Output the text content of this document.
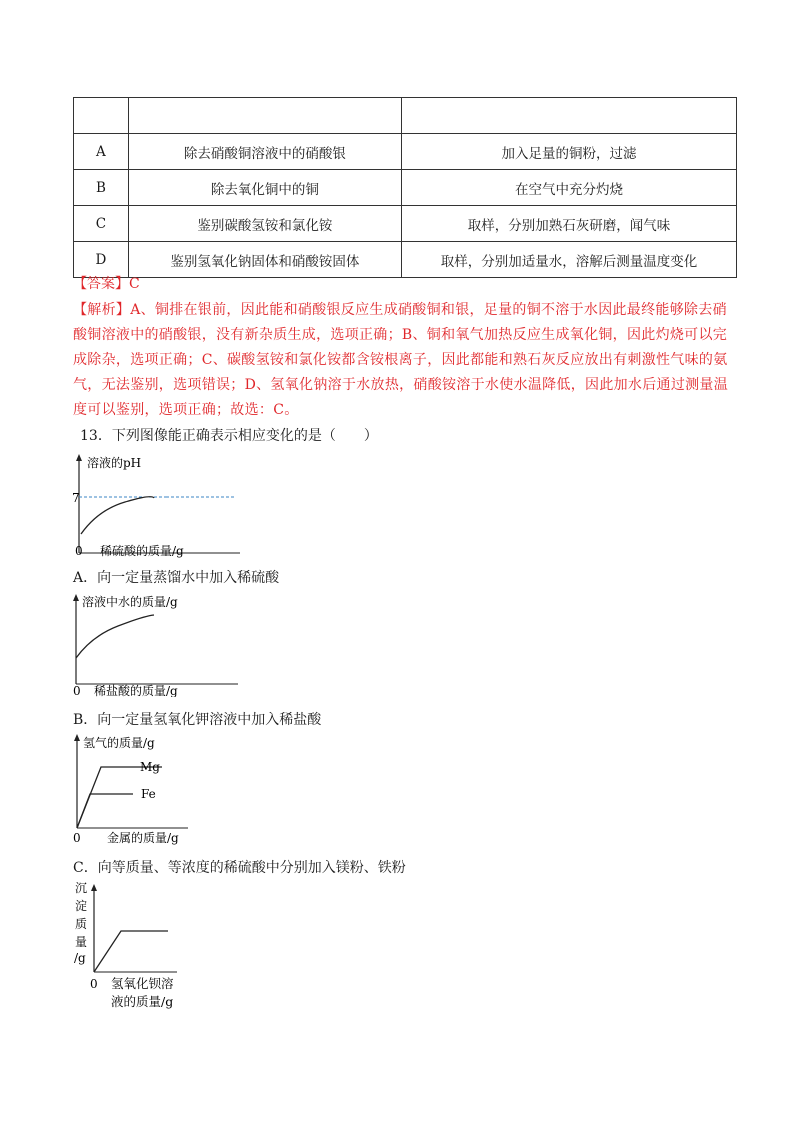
A	除去硝酸铜溶液中的硝酸银	加入足量的铜粉，过滤
B	除去氧化铜中的铜	在空气中充分灼烧
C	鉴别碳酸氢铵和氯化铵	取样，分别加熟石灰研磨，闻气味
D	鉴别氢氧化钠固体和硝酸铵固体	取样，分别加适量水，溶解后测量温度变化
【答案】C
【解析】A、铜排在银前，因此能和硝酸银反应生成硝酸铜和银，足量的铜不溶于水因此最终能够除去硝
酸铜溶液中的硝酸银，没有新杂质生成，选项正确；B、铜和氧气加热反应生成氧化铜，因此灼烧可以完
成除杂，选项正确；C、碳酸氢铵和氯化铵都含铵根离子，因此都能和熟石灰反应放出有刺激性气味的氨
气，无法鉴别，选项错误；D、氢氧化钠溶于水放热，硝酸铵溶于水使水温降低，因此加水后通过测量温
度可以鉴别，选项正确；故选：C。
13．下列图像能正确表示相应变化的是（　　）
溶液的pH
7
0 稀硫酸的质量/g
A．向一定量蒸馏水中加入稀硫酸
溶液中水的质量/g
0 稀盐酸的质量/g
B．向一定量氢氧化钾溶液中加入稀盐酸
氢气的质量/g
Mg
Fe
0 金属的质量/g
C．向等质量、等浓度的稀硫酸中分别加入镁粉、铁粉
沉
淀
质
量
/g
0 氢氧化钡溶
液的质量/g
